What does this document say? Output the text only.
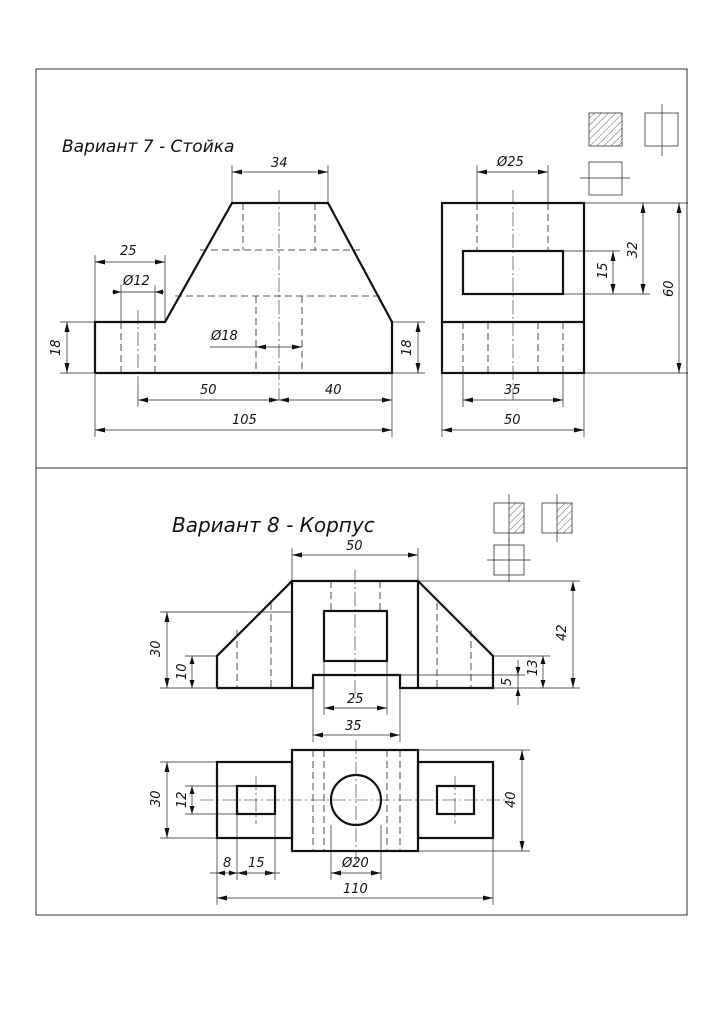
Вариант 7 - Стойка
34
25
Ø12
18
Ø18
18
50	40
105
Ø25
15
32
60
35
50
Вариант 8 - Корпус
50
30
10
42
13
5
25
35
30 12	40
8 15	Ø20
110
